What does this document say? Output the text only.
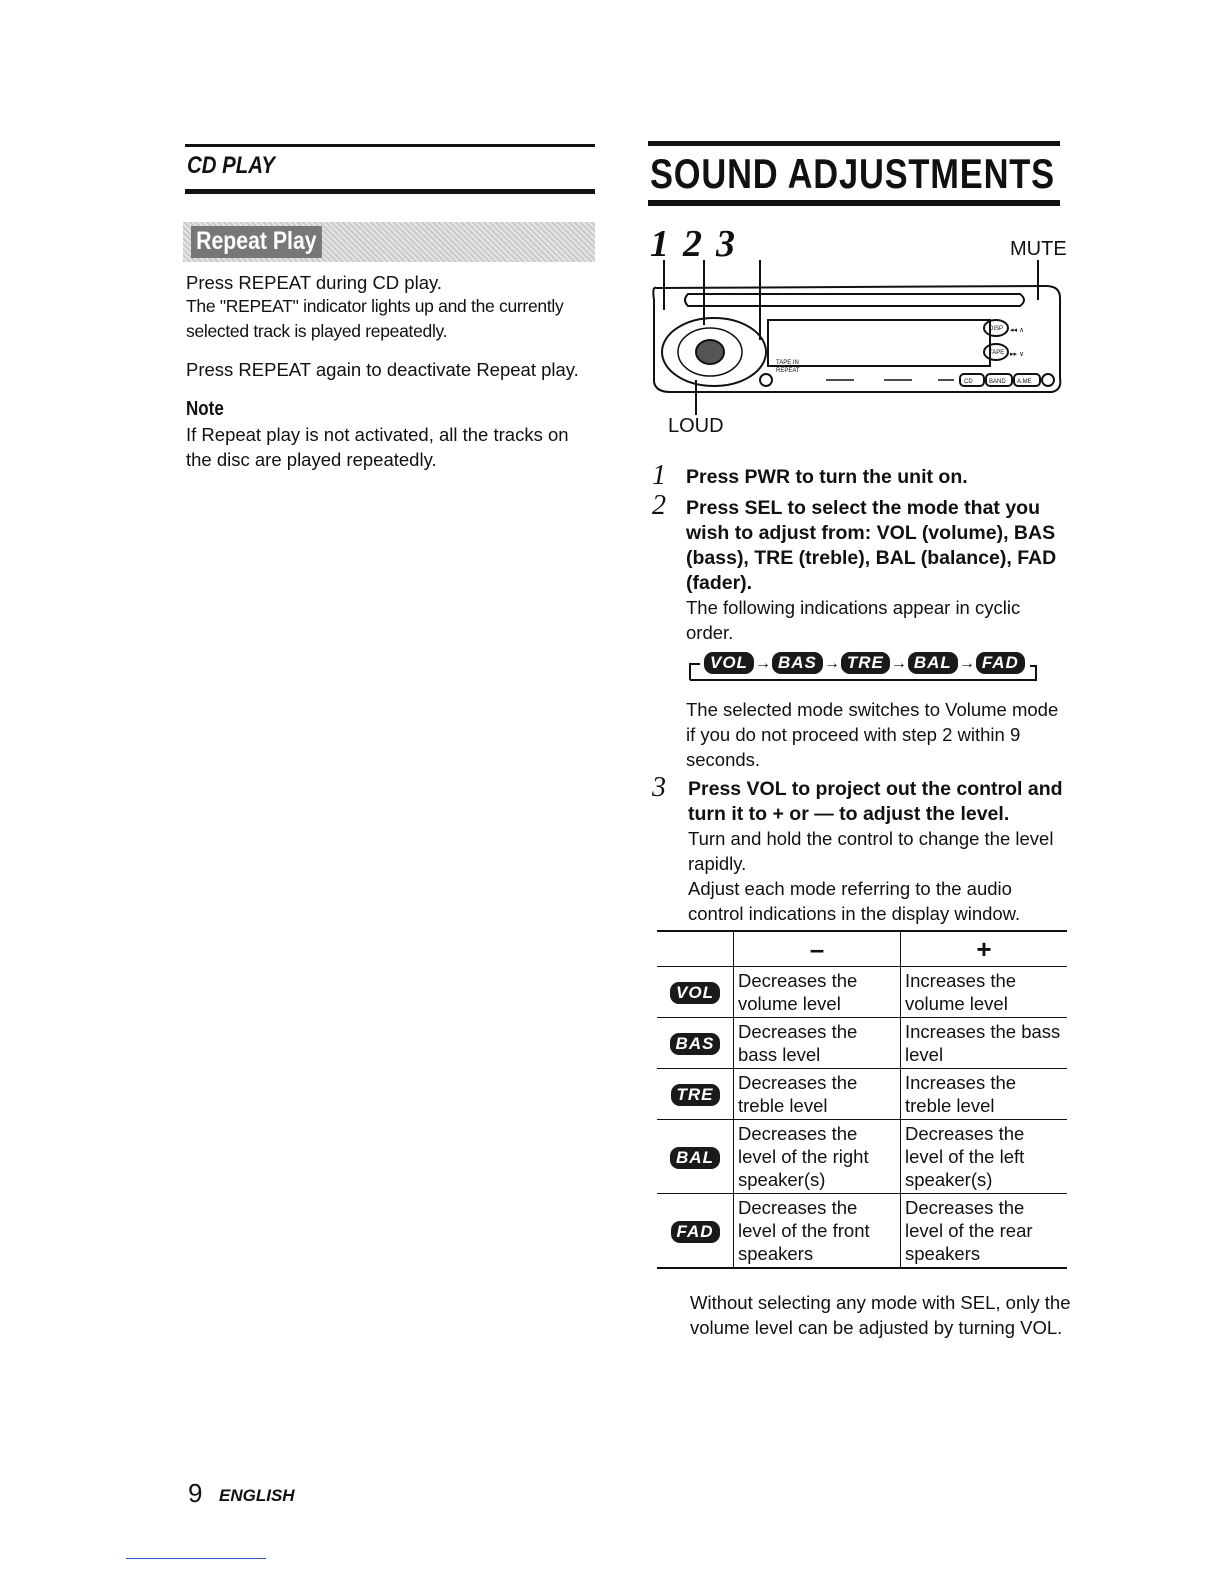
CD PLAY
Repeat Play
Press REPEAT during CD play.
The "REPEAT" indicator lights up and the currently selected track is played repeatedly.
Press REPEAT again to deactivate Repeat play.
Note
If Repeat play is not activated, all the tracks on the disc are played repeatedly.
SOUND ADJUSTMENTS
1 2 3	MUTE
◂◂ ∧
▸▸ ∨
DISP
TAPE
CD	BAND A.ME
TAPE IN
REPEAT
LOUD
1 Press PWR to turn the unit on.
2 Press SEL to select the mode that you wish to adjust from: VOL (volume), BAS (bass), TRE (treble), BAL (balance), FAD (fader).
The following indications appear in cyclic order.
VOL → BAS → TRE → BAL → FAD
The selected mode switches to Volume mode if you do not proceed with step 2 within 9 seconds.
3 Press VOL to project out the control and turn it to + or — to adjust the level.
Turn and hold the control to change the level rapidly.
Adjust each mode referring to the audio control indications in the display window.
	–	+
VOL	Decreases the volume level	Increases the volume level
BAS	Decreases the bass level	Increases the bass level
TRE	Decreases the treble level	Increases the treble level
BAL	Decreases the level of the right speaker(s)	Decreases the level of the left speaker(s)
FAD	Decreases the level of the front speakers	Decreases the level of the rear speakers
Without selecting any mode with SEL, only the volume level can be adjusted by turning VOL.
9 ENGLISH
